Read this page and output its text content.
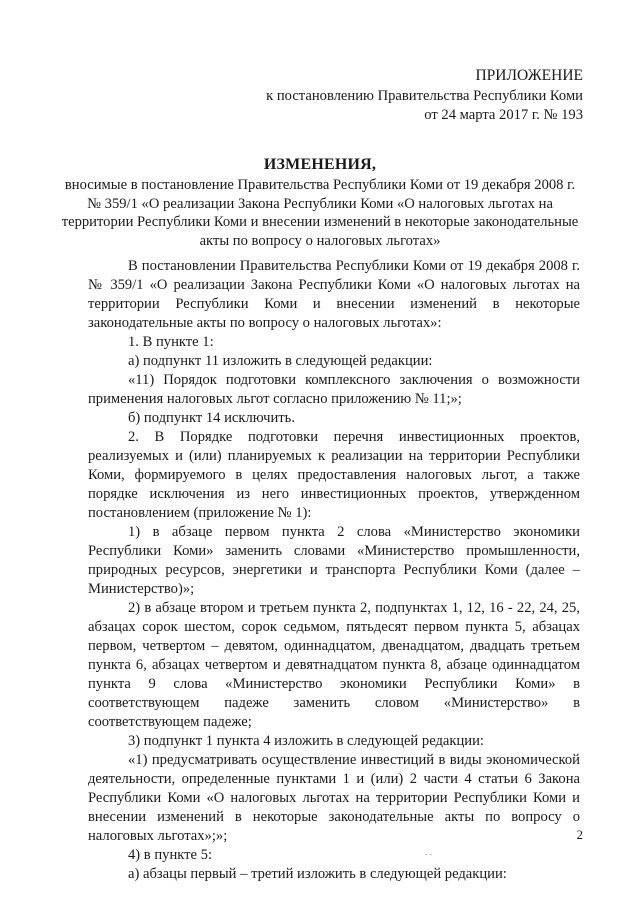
ПРИЛОЖЕНИЕ
к постановлению Правительства Республики Коми
от 24 марта 2017 г. № 193
ИЗМЕНЕНИЯ,
вносимые в постановление Правительства Республики Коми от 19 декабря 2008 г. № 359/1 «О реализации Закона Республики Коми «О налоговых льготах на территории Республики Коми и внесении изменений в некоторые законодательные акты по вопросу о налоговых льготах»

В постановлении Правительства Республики Коми от 19 декабря 2008 г. № 359/1 «О реализации Закона Республики Коми «О налоговых льготах на территории Республики Коми и внесении изменений в некоторые законодательные акты по вопросу о налоговых льготах»:

1. В пункте 1:

а) подпункт 11 изложить в следующей редакции:

«11) Порядок подготовки комплексного заключения о возможности применения налоговых льгот согласно приложению № 11;»;

б) подпункт 14 исключить.

2. В Порядке подготовки перечня инвестиционных проектов, реализуемых и (или) планируемых к реализации на территории Республики Коми, формируемого в целях предоставления налоговых льгот, а также порядке исключения из него инвестиционных проектов, утвержденном постановлением (приложение № 1):

1) в абзаце первом пункта 2 слова «Министерство экономики Республики Коми» заменить словами «Министерство промышленности, природных ресурсов, энергетики и транспорта Республики Коми (далее – Министерство)»;

2) в абзаце втором и третьем пункта 2, подпунктах 1, 12, 16 - 22, 24, 25, абзацах сорок шестом, сорок седьмом, пятьдесят первом пункта 5, абзацах первом, четвертом – девятом, одиннадцатом, двенадцатом, двадцать третьем пункта 6, абзацах четвертом и девятнадцатом пункта 8, абзаце одиннадцатом пункта 9 слова «Министерство экономики Республики Коми» в соответствующем падеже заменить словом «Министерство» в соответствующем падеже;

3) подпункт 1 пункта 4 изложить в следующей редакции:

«1) предусматривать осуществление инвестиций в виды экономической деятельности, определенные пунктами 1 и (или) 2 части 4 статьи 6 Закона Республики Коми «О налоговых льготах на территории Республики Коми и внесении изменений в некоторые законодательные акты по вопросу о налоговых льготах»;»;

4) в пункте 5:

а) абзацы первый – третий изложить в следующей редакции:

2
